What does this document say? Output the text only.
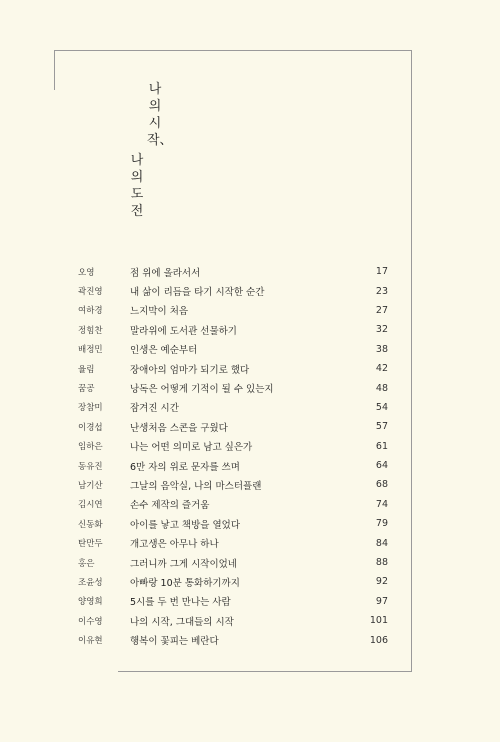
나의 시작、
나의 도전
오영	점 위에 올라서서	17
곽진영	내 삶이 리듬을 타기 시작한 순간	23
여하경	느지막이 처음	27
정힘찬	말라위에 도서관 선물하기	32
배정민	인생은 예순부터	38
율림	장애아의 엄마가 되기로 했다	42
꿈공	낭독은 어떻게 기적이 될 수 있는지	48
장참미	잠겨진 시간	54
이경섭	난생처음 스콘을 구웠다	57
임하은	나는 어떤 의미로 남고 싶은가	61
동유진	6만 자의 위로 문자를 쓰며	64
남기산	그날의 음악실, 나의 마스터플랜	68
김시연	손수 제작의 즐거움	74
신동화	아이를 낳고 책방을 열었다	79
탄만두	개고생은 아무나 하나	84
홍은	그러니까 그게 시작이었네	88
조윤성	아빠랑 10분 통화하기까지	92
양영희	5시를 두 번 만나는 사람	97
이수영	나의 시작, 그대들의 시작	101
이유현	행복이 꽃피는 베란다	106
